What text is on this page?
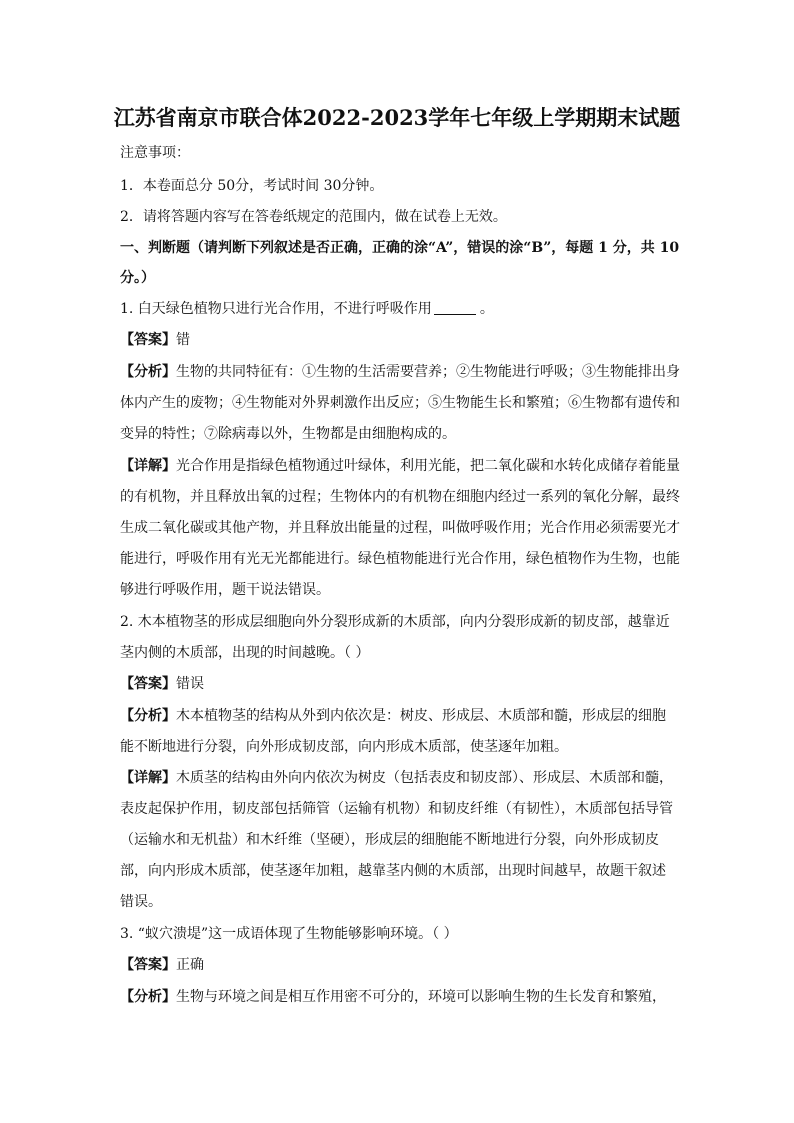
江苏省南京市联合体2022-2023学年七年级上学期期末试题
注意事项：
1．本卷面总分 50分，考试时间 30分钟。
2．请将答题内容写在答卷纸规定的范围内，做在试卷上无效。
一、判断题（请判断下列叙述是否正确，正确的涂“A”，错误的涂“B”，每题 1 分，共 10
分。）
1. 白天绿色植物只进行光合作用，不进行呼吸作用	。
【答案】错
【分析】生物的共同特征有：①生物的生活需要营养；②生物能进行呼吸；③生物能排出身
体内产生的废物；④生物能对外界刺激作出反应；⑤生物能生长和繁殖；⑥生物都有遗传和
变异的特性；⑦除病毒以外，生物都是由细胞构成的。
【详解】光合作用是指绿色植物通过叶绿体，利用光能，把二氧化碳和水转化成储存着能量
的有机物，并且释放出氧的过程；生物体内的有机物在细胞内经过一系列的氧化分解，最终
生成二氧化碳或其他产物，并且释放出能量的过程，叫做呼吸作用；光合作用必须需要光才
能进行，呼吸作用有光无光都能进行。绿色植物能进行光合作用，绿色植物作为生物，也能
够进行呼吸作用，题干说法错误。
2. 木本植物茎的形成层细胞向外分裂形成新的木质部，向内分裂形成新的韧皮部，越靠近
茎内侧的木质部，出现的时间越晚。（ ）
【答案】错误
【分析】木本植物茎的结构从外到内依次是：树皮、形成层、木质部和髓，形成层的细胞
能不断地进行分裂，向外形成韧皮部，向内形成木质部，使茎逐年加粗。
【详解】木质茎的结构由外向内依次为树皮（包括表皮和韧皮部）、形成层、木质部和髓，
表皮起保护作用，韧皮部包括筛管（运输有机物）和韧皮纤维（有韧性），木质部包括导管
（运输水和无机盐）和木纤维（坚硬），形成层的细胞能不断地进行分裂，向外形成韧皮
部，向内形成木质部，使茎逐年加粗，越靠茎内侧的木质部，出现时间越早，故题干叙述
错误。
3. “蚁穴溃堤”这一成语体现了生物能够影响环境。（ ）
【答案】正确
【分析】生物与环境之间是相互作用密不可分的，环境可以影响生物的生长发育和繁殖，
